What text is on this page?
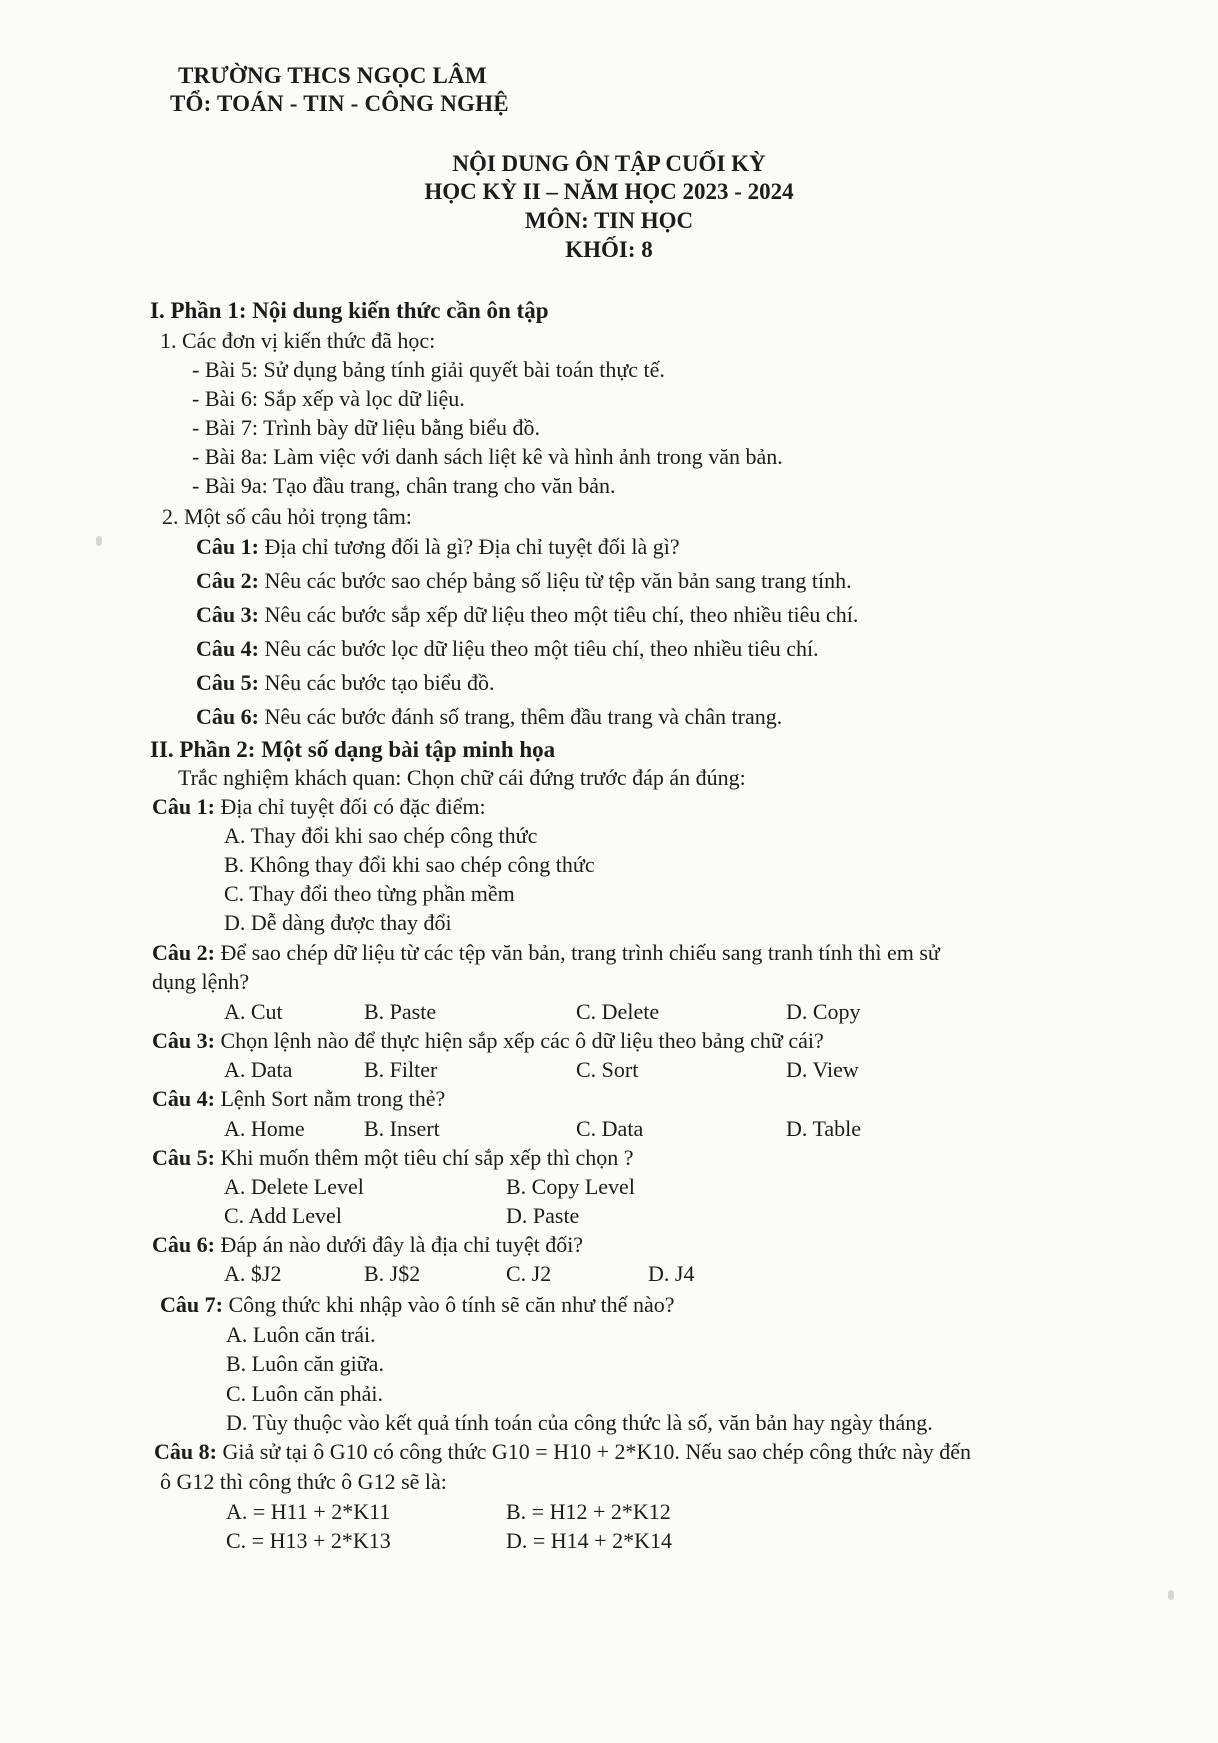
TRƯỜNG THCS NGỌC LÂM
TỔ: TOÁN - TIN - CÔNG NGHỆ
NỘI DUNG ÔN TẬP CUỐI KỲ
HỌC KỲ II – NĂM HỌC 2023 - 2024
MÔN: TIN HỌC
KHỐI: 8
I. Phần 1: Nội dung kiến thức cần ôn tập
1. Các đơn vị kiến thức đã học:
- Bài 5: Sử dụng bảng tính giải quyết bài toán thực tế.
- Bài 6: Sắp xếp và lọc dữ liệu.
- Bài 7: Trình bày dữ liệu bằng biểu đồ.
- Bài 8a: Làm việc với danh sách liệt kê và hình ảnh trong văn bản.
- Bài 9a: Tạo đầu trang, chân trang cho văn bản.
2. Một số câu hỏi trọng tâm:
Câu 1: Địa chỉ tương đối là gì? Địa chỉ tuyệt đối là gì?
Câu 2: Nêu các bước sao chép bảng số liệu từ tệp văn bản sang trang tính.
Câu 3: Nêu các bước sắp xếp dữ liệu theo một tiêu chí, theo nhiều tiêu chí.
Câu 4: Nêu các bước lọc dữ liệu theo một tiêu chí, theo nhiều tiêu chí.
Câu 5: Nêu các bước tạo biểu đồ.
Câu 6: Nêu các bước đánh số trang, thêm đầu trang và chân trang.
II. Phần 2: Một số dạng bài tập minh họa
Trắc nghiệm khách quan: Chọn chữ cái đứng trước đáp án đúng:
Câu 1: Địa chỉ tuyệt đối có đặc điểm:
A. Thay đổi khi sao chép công thức
B. Không thay đổi khi sao chép công thức
C. Thay đổi theo từng phần mềm
D. Dễ dàng được thay đổi
Câu 2: Để sao chép dữ liệu từ các tệp văn bản, trang trình chiếu sang tranh tính thì em sử
dụng lệnh?
A. Cut	B. Paste	C. Delete	D. Copy
Câu 3: Chọn lệnh nào để thực hiện sắp xếp các ô dữ liệu theo bảng chữ cái?
A. Data	B. Filter	C. Sort	D. View
Câu 4: Lệnh Sort nằm trong thẻ?
A. Home	B. Insert	C. Data	D. Table
Câu 5: Khi muốn thêm một tiêu chí sắp xếp thì chọn ?
A. Delete Level	B. Copy Level
C. Add Level	D. Paste
Câu 6: Đáp án nào dưới đây là địa chỉ tuyệt đối?
A. $J2	B. J$2	C. J2	D. J4
Câu 7: Công thức khi nhập vào ô tính sẽ căn như thế nào?
A. Luôn căn trái.
B. Luôn căn giữa.
C. Luôn căn phải.
D. Tùy thuộc vào kết quả tính toán của công thức là số, văn bản hay ngày tháng.
Câu 8: Giả sử tại ô G10 có công thức G10 = H10 + 2*K10. Nếu sao chép công thức này đến
ô G12 thì công thức ô G12 sẽ là:
A. = H11 + 2*K11	B. = H12 + 2*K12
C. = H13 + 2*K13	D. = H14 + 2*K14
